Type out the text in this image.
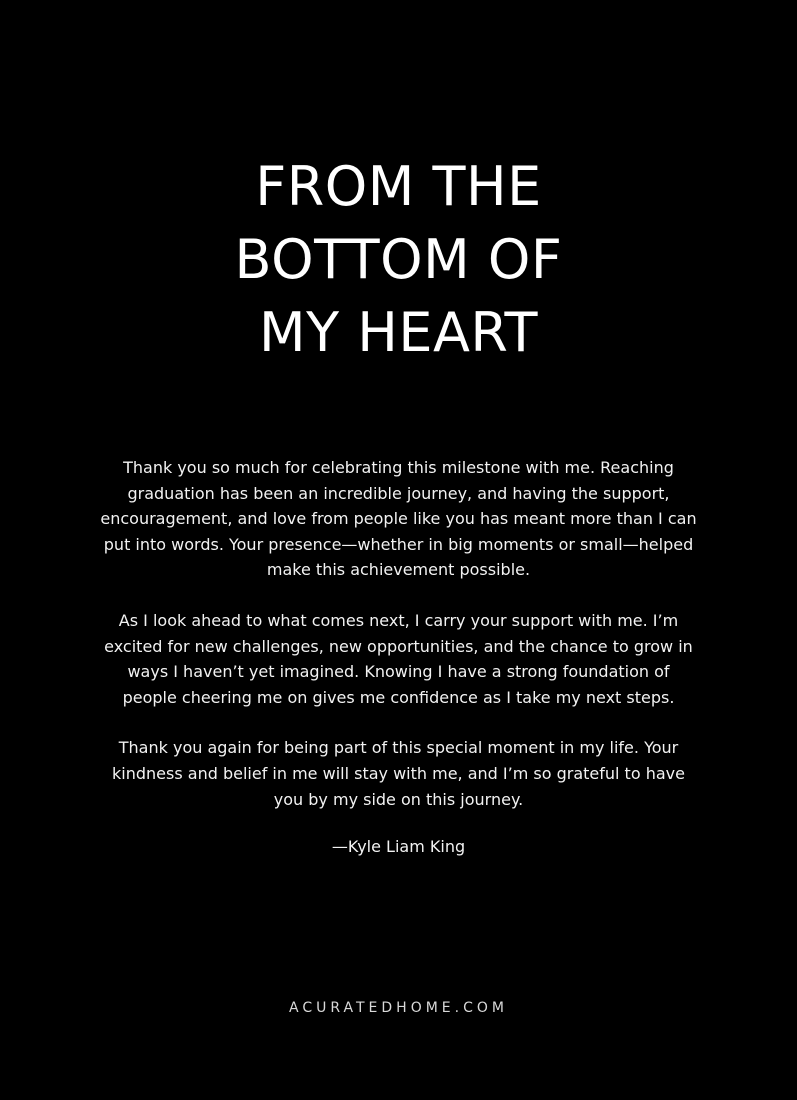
FROM THE
BOTTOM OF
MY HEART

Thank you so much for celebrating this milestone with me. Reaching graduation has been an incredible journey, and having the support, encouragement, and love from people like you has meant more than I can put into words. Your presence—whether in big moments or small—helped make this achievement possible.

As I look ahead to what comes next, I carry your support with me. I’m excited for new challenges, new opportunities, and the chance to grow in ways I haven’t yet imagined. Knowing I have a strong foundation of people cheering me on gives me confidence as I take my next steps.

Thank you again for being part of this special moment in my life. Your kindness and belief in me will stay with me, and I’m so grateful to have you by my side on this journey.

—Kyle Liam King
ACURATEDHOME.COM
